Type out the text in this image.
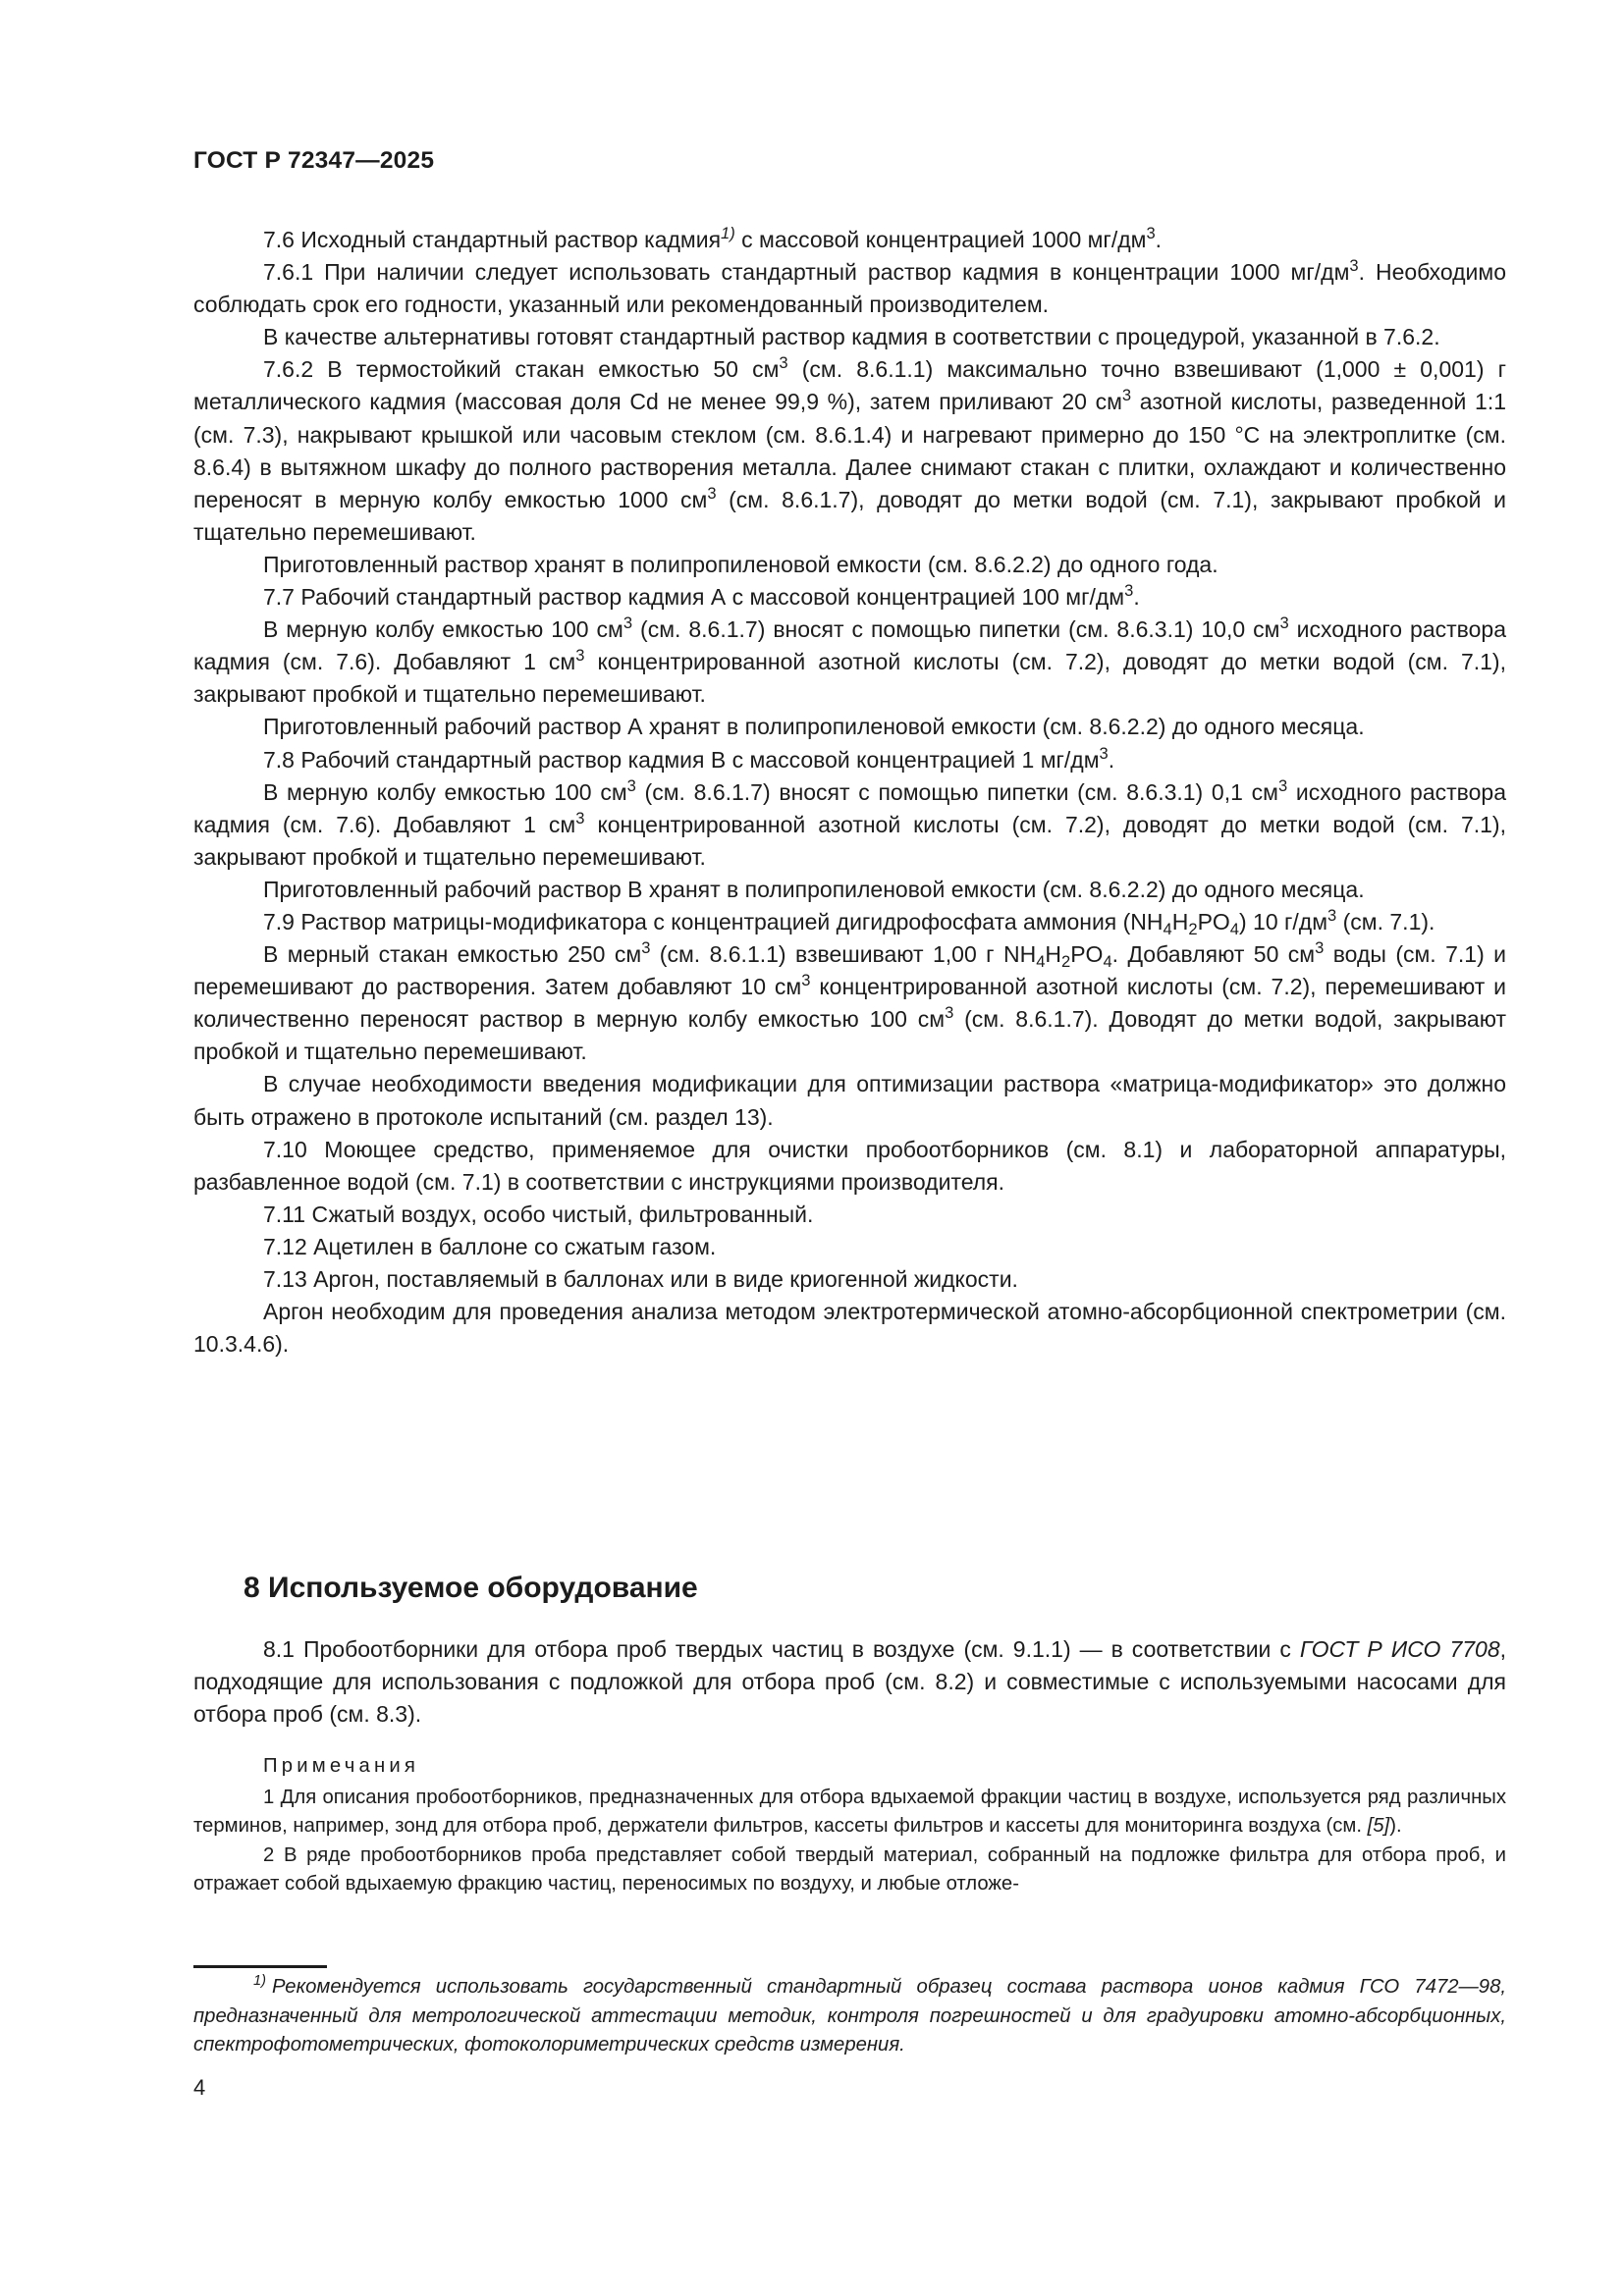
ГОСТ Р 72347—2025

7.6 Исходный стандартный раствор кадмия$^{1)}$ с массовой концентрацией 1000 $мг/дм^3$.

7.6.1 При наличии следует использовать стандартный раствор кадмия в концентрации 1000 $мг/дм^3$. Необходимо соблюдать срок его годности, указанный или рекомендованный производителем.

В качестве альтернативы готовят стандартный раствор кадмия в соответствии с процедурой, указанной в 7.6.2.

7.6.2 В термостойкий стакан емкостью 50 $см^3$ (см. 8.6.1.1) максимально точно взвешивают (1,000 ± 0,001) г металлического кадмия (массовая доля Cd не менее 99,9 %), затем приливают 20 $см^3$ азотной кислоты, разведенной 1:1 (см. 7.3), накрывают крышкой или часовым стеклом (см. 8.6.1.4) и нагревают примерно до 150 °С на электроплитке (см. 8.6.4) в вытяжном шкафу до полного растворения металла. Далее снимают стакан с плитки, охлаждают и количественно переносят в мерную колбу емкостью 1000 $см^3$ (см. 8.6.1.7), доводят до метки водой (см. 7.1), закрывают пробкой и тщательно перемешивают.

Приготовленный раствор хранят в полипропиленовой емкости (см. 8.6.2.2) до одного года.

7.7 Рабочий стандартный раствор кадмия А с массовой концентрацией 100 $мг/дм^3$.

В мерную колбу емкостью 100 $см^3$ (см. 8.6.1.7) вносят с помощью пипетки (см. 8.6.3.1) 10,0 $см^3$ исходного раствора кадмия (см. 7.6). Добавляют 1 $см^3$ концентрированной азотной кислоты (см. 7.2), доводят до метки водой (см. 7.1), закрывают пробкой и тщательно перемешивают.

Приготовленный рабочий раствор А хранят в полипропиленовой емкости (см. 8.6.2.2) до одного месяца.

7.8 Рабочий стандартный раствор кадмия В с массовой концентрацией 1 $мг/дм^3$.

В мерную колбу емкостью 100 $см^3$ (см. 8.6.1.7) вносят с помощью пипетки (см. 8.6.3.1) 0,1 $см^3$ исходного раствора кадмия (см. 7.6). Добавляют 1 $см^3$ концентрированной азотной кислоты (см. 7.2), доводят до метки водой (см. 7.1), закрывают пробкой и тщательно перемешивают.

Приготовленный рабочий раствор В хранят в полипропиленовой емкости (см. 8.6.2.2) до одного месяца.

7.9 Раствор матрицы-модификатора с концентрацией дигидрофосфата аммония $(NH_4H_2PO_4)$ 10 $г/дм^3$ (см. 7.1).

В мерный стакан емкостью 250 $см^3$ (см. 8.6.1.1) взвешивают 1,00 г $NH_4H_2PO_4$. Добавляют 50 $см^3$ воды (см. 7.1) и перемешивают до растворения. Затем добавляют 10 $см^3$ концентрированной азотной кислоты (см. 7.2), перемешивают и количественно переносят раствор в мерную колбу емкостью 100 $см^3$ (см. 8.6.1.7). Доводят до метки водой, закрывают пробкой и тщательно перемешивают.

В случае необходимости введения модификации для оптимизации раствора «матрица-модификатор» это должно быть отражено в протоколе испытаний (см. раздел 13).

7.10 Моющее средство, применяемое для очистки пробоотборников (см. 8.1) и лабораторной аппаратуры, разбавленное водой (см. 7.1) в соответствии с инструкциями производителя.

7.11 Сжатый воздух, особо чистый, фильтрованный.

7.12 Ацетилен в баллоне со сжатым газом.

7.13 Аргон, поставляемый в баллонах или в виде криогенной жидкости.

Аргон необходим для проведения анализа методом электротермической атомно-абсорбционной спектрометрии (см. 10.3.4.6).

8 Используемое оборудование

8.1 Пробоотборники для отбора проб твердых частиц в воздухе (см. 9.1.1) — в соответствии с ГОСТ Р ИСО 7708, подходящие для использования с подложкой для отбора проб (см. 8.2) и совместимые с используемыми насосами для отбора проб (см. 8.3).

Примечания

1 Для описания пробоотборников, предназначенных для отбора вдыхаемой фракции частиц в воздухе, используется ряд различных терминов, например, зонд для отбора проб, держатели фильтров, кассеты фильтров и кассеты для мониторинга воздуха (см. [5]).

2 В ряде пробоотборников проба представляет собой твердый материал, собранный на подложке фильтра для отбора проб, и отражает собой вдыхаемую фракцию частиц, переносимых по воздуху, и любые отложе-

$^{1)}$ Рекомендуется использовать государственный стандартный образец состава раствора ионов кадмия ГСО 7472—98, предназначенный для метрологической аттестации методик, контроля погрешностей и для градуировки атомно-абсорбционных, спектрофотометрических, фотоколориметрических средств измерения.

4
